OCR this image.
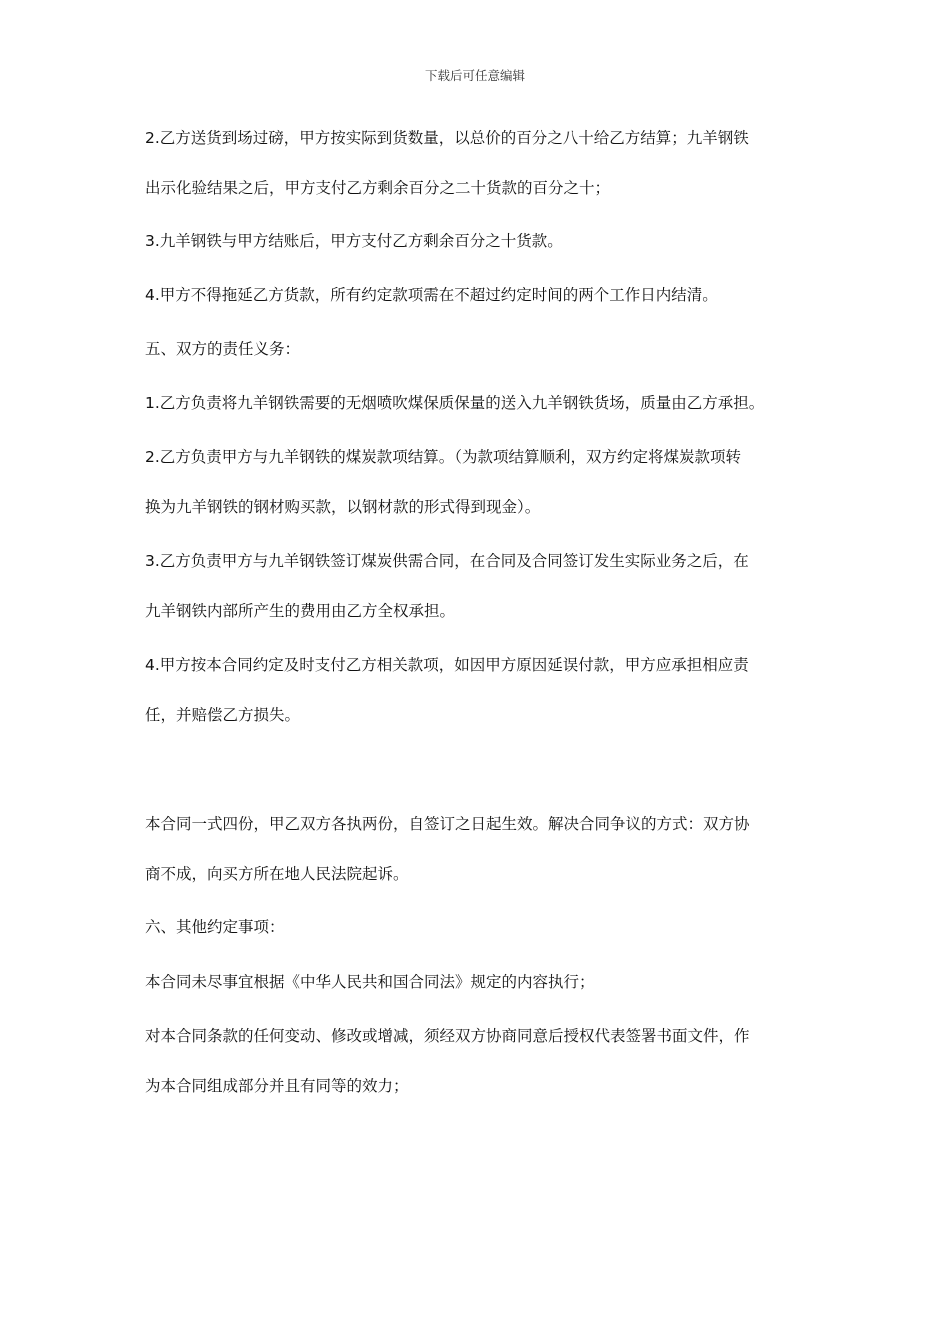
下载后可任意编辑
2.乙方送货到场过磅，甲方按实际到货数量，以总价的百分之八十给乙方结算；九羊钢铁
出示化验结果之后，甲方支付乙方剩余百分之二十货款的百分之十；
3.九羊钢铁与甲方结账后，甲方支付乙方剩余百分之十货款。
4.甲方不得拖延乙方货款，所有约定款项需在不超过约定时间的两个工作日内结清。
五、双方的责任义务：
1.乙方负责将九羊钢铁需要的无烟喷吹煤保质保量的送入九羊钢铁货场，质量由乙方承担。
2.乙方负责甲方与九羊钢铁的煤炭款项结算。（为款项结算顺利，双方约定将煤炭款项转
换为九羊钢铁的钢材购买款，以钢材款的形式得到现金）。
3.乙方负责甲方与九羊钢铁签订煤炭供需合同，在合同及合同签订发生实际业务之后，在
九羊钢铁内部所产生的费用由乙方全权承担。
4.甲方按本合同约定及时支付乙方相关款项，如因甲方原因延误付款，甲方应承担相应责
任，并赔偿乙方损失。
本合同一式四份，甲乙双方各执两份，自签订之日起生效。解决合同争议的方式：双方协
商不成，向买方所在地人民法院起诉。
六、其他约定事项：
本合同未尽事宜根据《中华人民共和国合同法》规定的内容执行；
对本合同条款的任何变动、修改或增减，须经双方协商同意后授权代表签署书面文件，作
为本合同组成部分并且有同等的效力；
